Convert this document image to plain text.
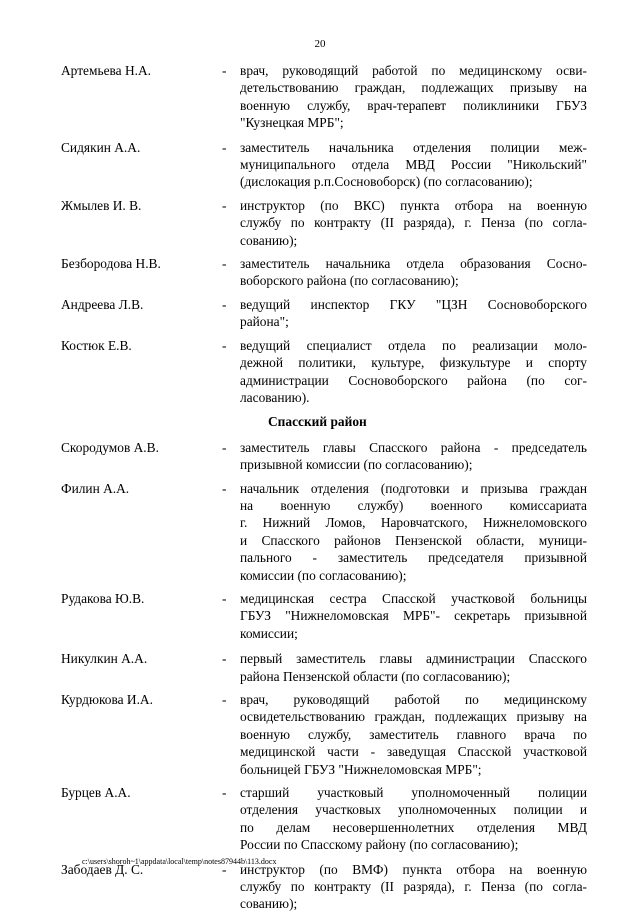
20
Артемьева Н.А.	- врач, руководящий работой по медицинскому осви-
детельствованию граждан, подлежащих призыву на
военную службу, врач-терапевт поликлиники ГБУЗ
"Кузнецкая МРБ";
Сидякин А.А.	- заместитель начальника отделения полиции меж-
муниципального отдела МВД России "Никольский"
(дислокация р.п.Сосновоборск) (по согласованию);
Жмылев И. В.	- инструктор (по ВКС) пункта отбора на военную
службу по контракту (II разряда), г. Пенза (по согла-
сованию);
Безбородова Н.В.	- заместитель начальника отдела образования Сосно-
воборского района (по согласованию);
Андреева Л.В.	- ведущий инспектор ГКУ "ЦЗН Сосновоборского
района";
Костюк Е.В.	- ведущий специалист отдела по реализации моло-
дежной политики, культуре, физкультуре и спорту
администрации Сосновоборского района (по сог-
ласованию).
Спасский район
Скородумов А.В.	- заместитель главы Спасского района - председатель
призывной комиссии (по согласованию);
Филин А.А.	- начальник отделения (подготовки и призыва граждан
на военную службу) военного комиссариата
г. Нижний Ломов, Наровчатского, Нижнеломовского
и Спасского районов Пензенской области, муници-
пального - заместитель председателя призывной
комиссии (по согласованию);
Рудакова Ю.В.	- медицинская сестра Спасской участковой больницы
ГБУЗ "Нижнеломовская МРБ"- секретарь призывной
комиссии;
Никулкин А.А.	- первый заместитель главы администрации Спасского
района Пензенской области (по согласованию);
Курдюкова И.А.	- врач, руководящий работой по медицинскому
освидетельствованию граждан, подлежащих призыву на
военную службу, заместитель главного врача по
медицинской части - заведущая Спасской участковой
больницей ГБУЗ "Нижнеломовская МРБ";
Бурцев А.А.	- старший участковый уполномоченный полиции
отделения участковых уполномоченных полиции и
по делам несовершеннолетних отделения МВД
России по Спасскому району (по согласованию);
Забодаев Д. С.	- инструктор (по ВМФ) пункта отбора на военную
службу по контракту (II разряда), г. Пенза (по согла-
сованию);
c:\users\shoroh~1\appdata\local\temp\notes87944b\113.docx
